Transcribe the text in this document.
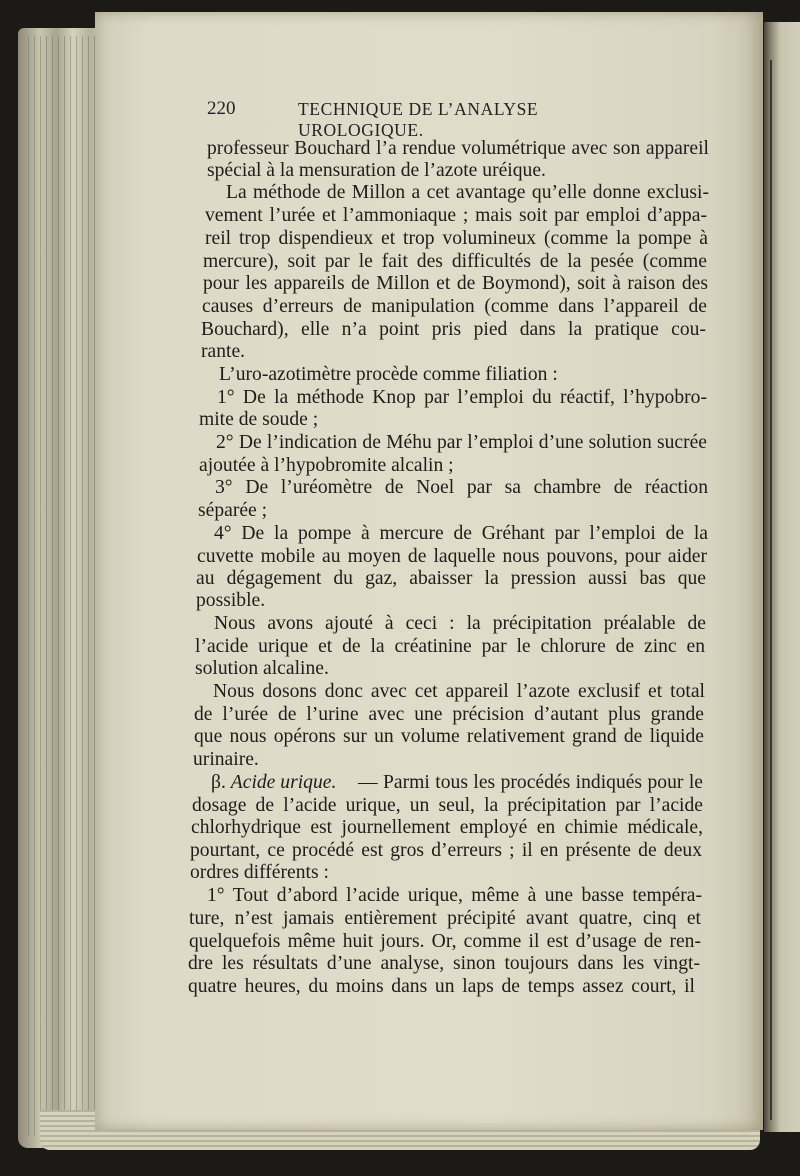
220	TECHNIQUE DE L’ANALYSE UROLOGIQUE.
professeur Bouchard l’a rendue volumétrique avec son appareil
spécial à la mensuration de l’azote uréique.
La méthode de Millon a cet avantage qu’elle donne exclusi-
vement l’urée et l’ammoniaque ; mais soit par emploi d’appa-
reil trop dispendieux et trop volumineux (comme la pompe à
mercure), soit par le fait des difficultés de la pesée (comme
pour les appareils de Millon et de Boymond), soit à raison des
causes d’erreurs de manipulation (comme dans l’appareil de
Bouchard), elle n’a point pris pied dans la pratique cou-
rante.
L’uro-azotimètre procède comme filiation :
1° De la méthode Knop par l’emploi du réactif, l’hypobro-
mite de soude ;
2° De l’indication de Méhu par l’emploi d’une solution sucrée
ajoutée à l’hypobromite alcalin ;
3° De l’uréomètre de Noel par sa chambre de réaction
séparée ;
4° De la pompe à mercure de Gréhant par l’emploi de la
cuvette mobile au moyen de laquelle nous pouvons, pour aider
au dégagement du gaz, abaisser la pression aussi bas que
possible.
Nous avons ajouté à ceci : la précipitation préalable de
l’acide urique et de la créatinine par le chlorure de zinc en
solution alcaline.
Nous dosons donc avec cet appareil l’azote exclusif et total
de l’urée de l’urine avec une précision d’autant plus grande
que nous opérons sur un volume relativement grand de liquide
urinaire.
β. Acide urique. — Parmi tous les procédés indiqués pour le
dosage de l’acide urique, un seul, la précipitation par l’acide
chlorhydrique est journellement employé en chimie médicale,
pourtant, ce procédé est gros d’erreurs ; il en présente de deux
ordres différents :
1° Tout d’abord l’acide urique, même à une basse tempéra-
ture, n’est jamais entièrement précipité avant quatre, cinq et
quelquefois même huit jours. Or, comme il est d’usage de ren-
dre les résultats d’une analyse, sinon toujours dans les vingt-
quatre heures, du moins dans un laps de temps assez court, il
